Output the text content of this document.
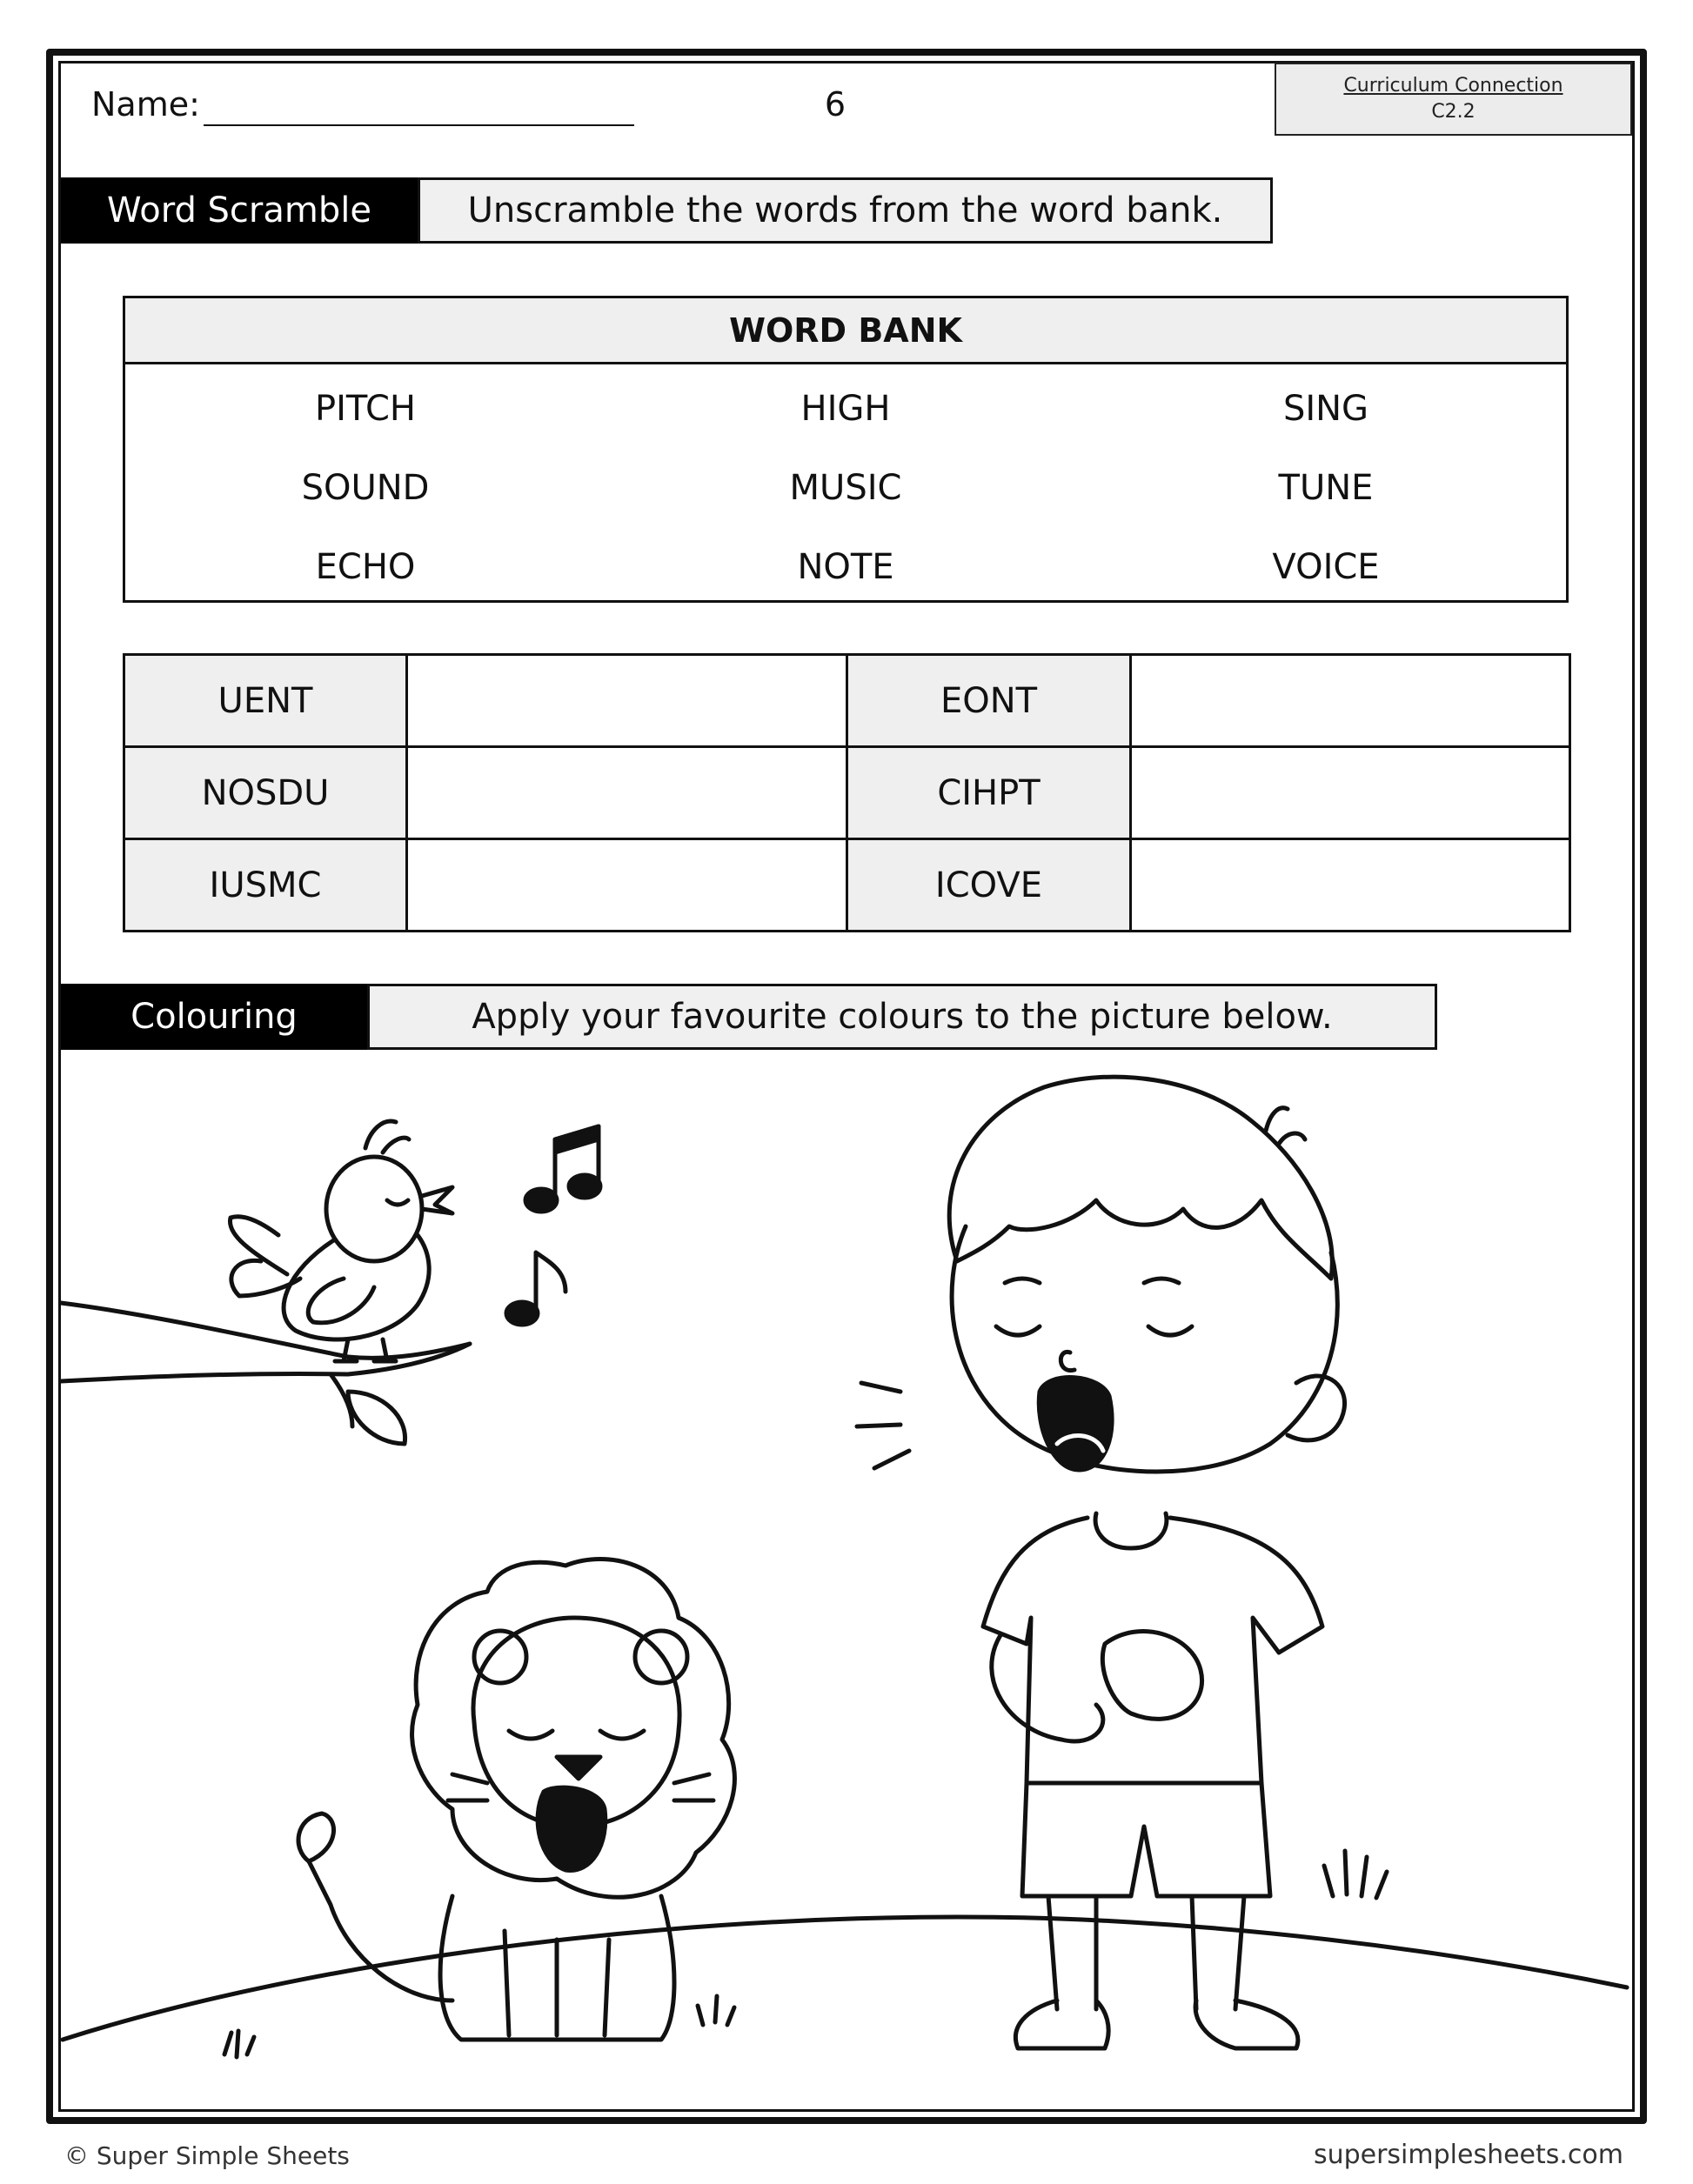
Name:	6	Curriculum Connection
C2.2
Word Scramble	Unscramble the words from the word bank.
WORD BANK
PITCH	HIGH	SING
SOUND	MUSIC	TUNE
ECHO	NOTE	VOICE
UENT		EONT	
NOSDU		CIHPT	
IUSMC		ICOVE	
Colouring	Apply your favourite colours to the picture below.
© Super Simple Sheets	supersimplesheets.com
